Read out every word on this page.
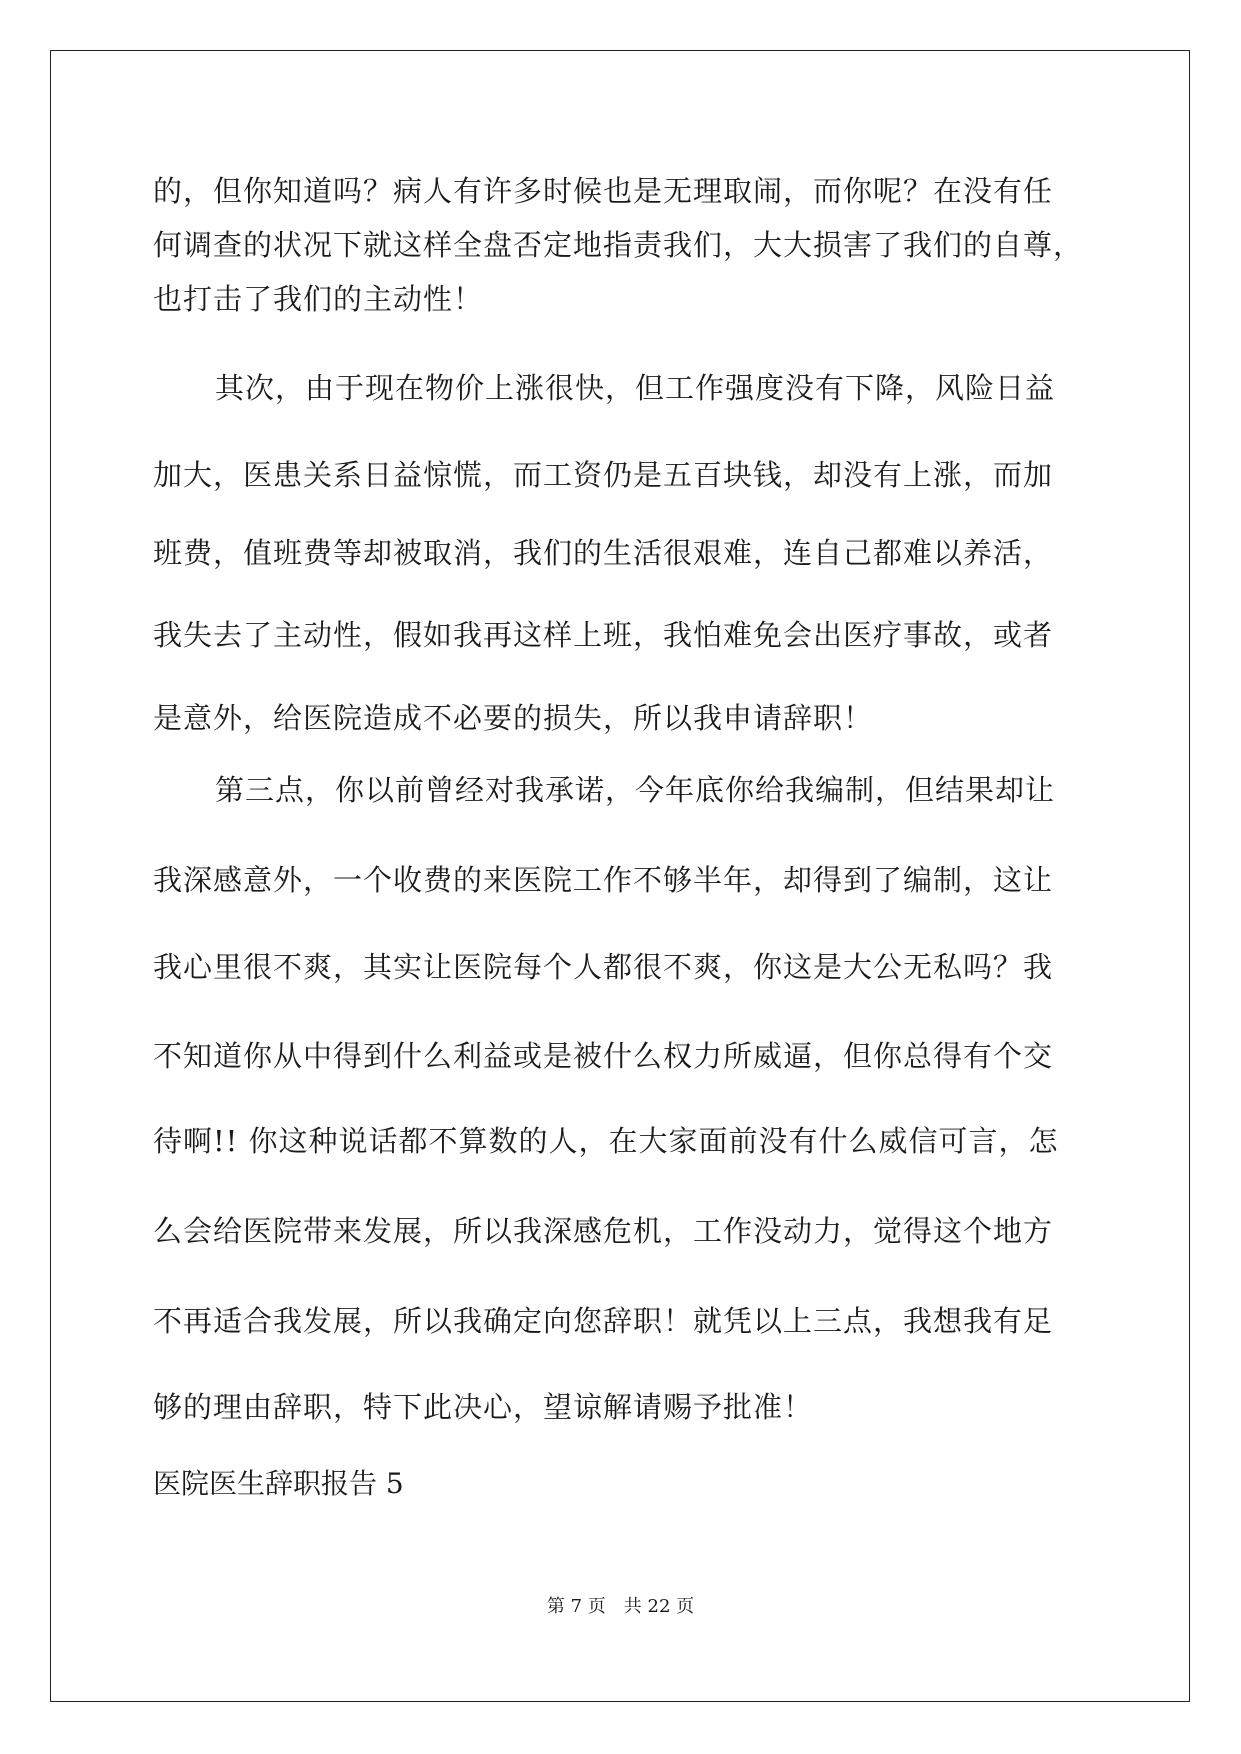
的，但你知道吗？病人有许多时候也是无理取闹，而你呢？在没有任
何调查的状况下就这样全盘否定地指责我们，大大损害了我们的自尊，
也打击了我们的主动性！
其次，由于现在物价上涨很快，但工作强度没有下降，风险日益
加大，医患关系日益惊慌，而工资仍是五百块钱，却没有上涨，而加
班费，值班费等却被取消，我们的生活很艰难，连自己都难以养活，
我失去了主动性，假如我再这样上班，我怕难免会出医疗事故，或者
是意外，给医院造成不必要的损失，所以我申请辞职！
第三点，你以前曾经对我承诺，今年底你给我编制，但结果却让
我深感意外，一个收费的来医院工作不够半年，却得到了编制，这让
我心里很不爽，其实让医院每个人都很不爽，你这是大公无私吗？我
不知道你从中得到什么利益或是被什么权力所威逼，但你总得有个交
待啊!! 你这种说话都不算数的人，在大家面前没有什么威信可言，怎
么会给医院带来发展，所以我深感危机，工作没动力，觉得这个地方
不再适合我发展，所以我确定向您辞职！就凭以上三点，我想我有足
够的理由辞职，特下此决心，望谅解请赐予批准！
医院医生辞职报告 5
第 7 页　共 22 页
